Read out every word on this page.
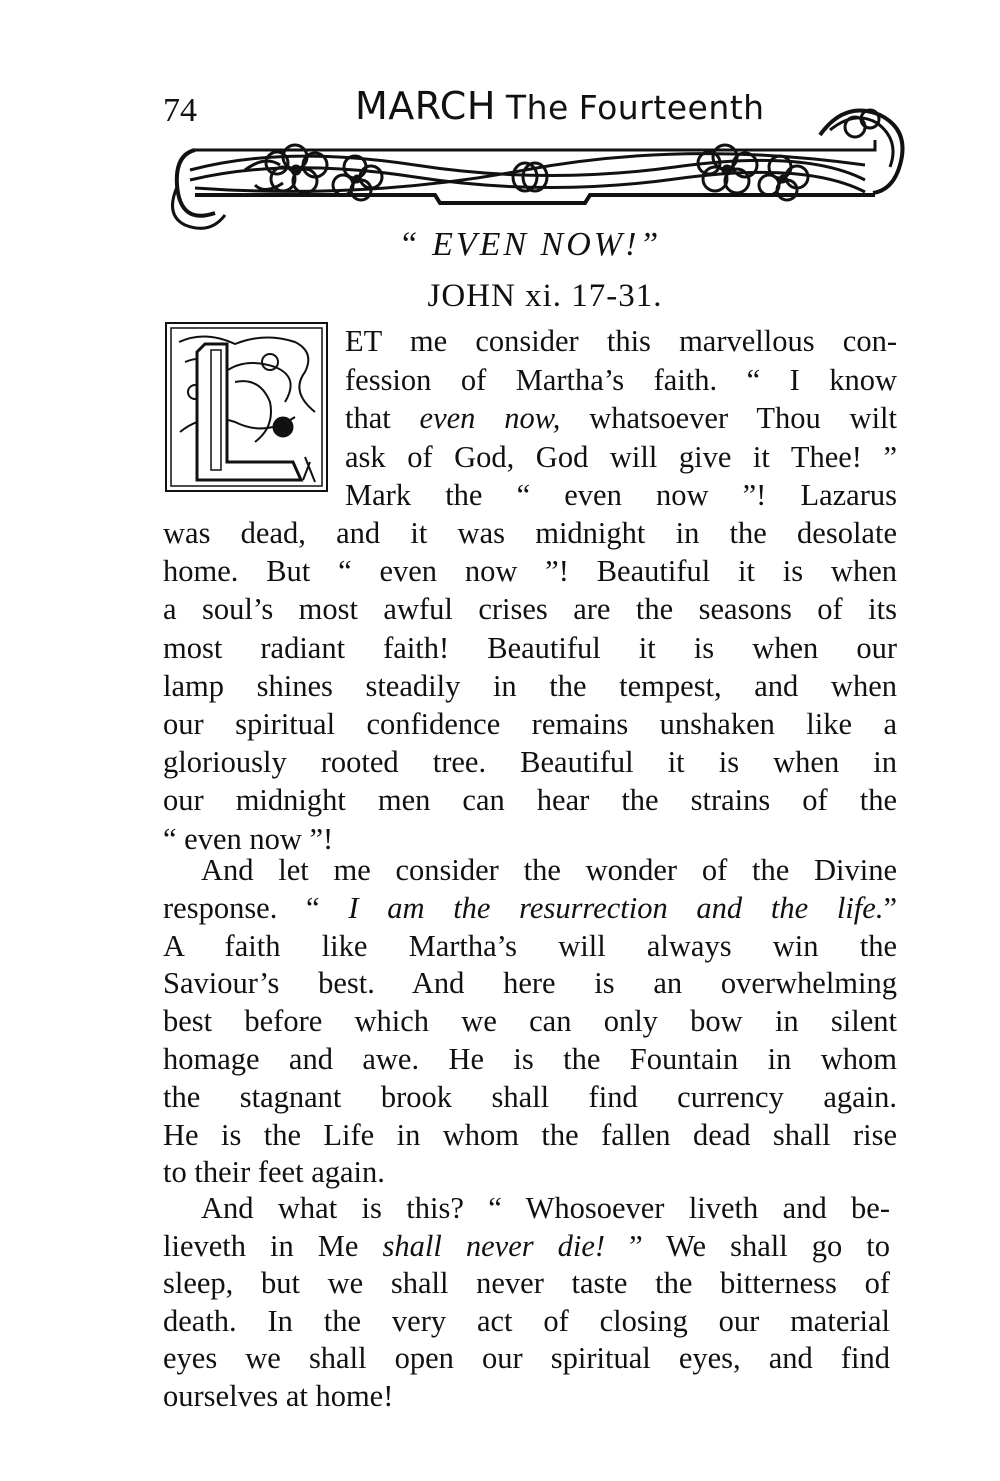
74	MARCH The Fourteenth
“ EVEN NOW!”
JOHN xi. 17-31.
L
ET me consider this marvellous con-
fession of Martha’s faith. “ I know
that even now, whatsoever Thou wilt
ask of God, God will give it Thee! ”
Mark the “ even now ”! Lazarus
was dead, and it was midnight in the desolate
home. But “ even now ”! Beautiful it is when
a soul’s most awful crises are the seasons of its
most radiant faith! Beautiful it is when our
lamp shines steadily in the tempest, and when
our spiritual confidence remains unshaken like a
gloriously rooted tree. Beautiful it is when in
our midnight men can hear the strains of the
“ even now ”!
And let me consider the wonder of the Divine
response. “ I am the resurrection and the life.”
A faith like Martha’s will always win the
Saviour’s best. And here is an overwhelming
best before which we can only bow in silent
homage and awe. He is the Fountain in whom
the stagnant brook shall find currency again.
He is the Life in whom the fallen dead shall rise
to their feet again.
And what is this? “ Whosoever liveth and be-
lieveth in Me shall never die! ” We shall go to
sleep, but we shall never taste the bitterness of
death. In the very act of closing our material
eyes we shall open our spiritual eyes, and find
ourselves at home!
